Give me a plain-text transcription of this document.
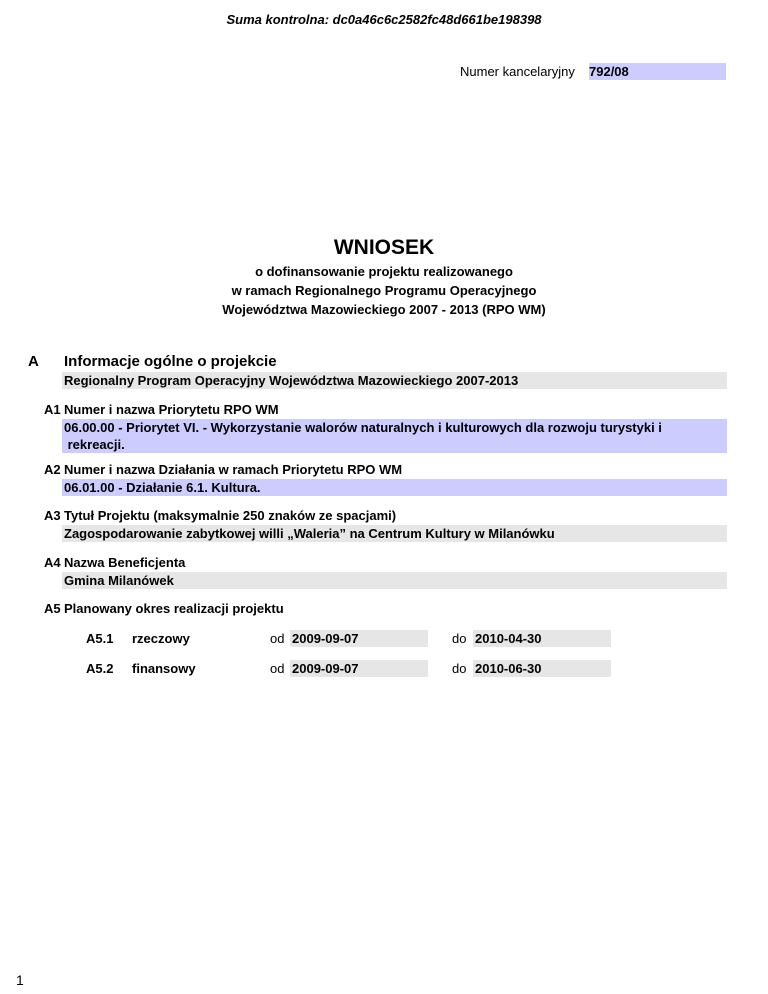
Suma kontrolna: dc0a46c6c2582fc48d661be198398
Numer kancelaryjny 792/08
WNIOSEK
o dofinansowanie projektu realizowanego
w ramach Regionalnego Programu Operacyjnego
Województwa Mazowieckiego 2007 - 2013 (RPO WM)
A Informacje ogólne o projekcie
Regionalny Program Operacyjny Województwa Mazowieckiego 2007-2013
A1 Numer i nazwa Priorytetu RPO WM
06.00.00 - Priorytet VI. - Wykorzystanie walorów naturalnych i kulturowych dla rozwoju turystyki i
rekreacji.
A2 Numer i nazwa Działania w ramach Priorytetu RPO WM
06.01.00 - Działanie 6.1. Kultura.
A3 Tytuł Projektu (maksymalnie 250 znaków ze spacjami)
Zagospodarowanie zabytkowej willi „Waleria” na Centrum Kultury w Milanówku
A4 Nazwa Beneficjenta
Gmina Milanówek
A5 Planowany okres realizacji projektu
A5.1 rzeczowy	od 2009-09-07	do 2010-04-30
A5.2 finansowy	od 2009-09-07	do 2010-06-30
1
